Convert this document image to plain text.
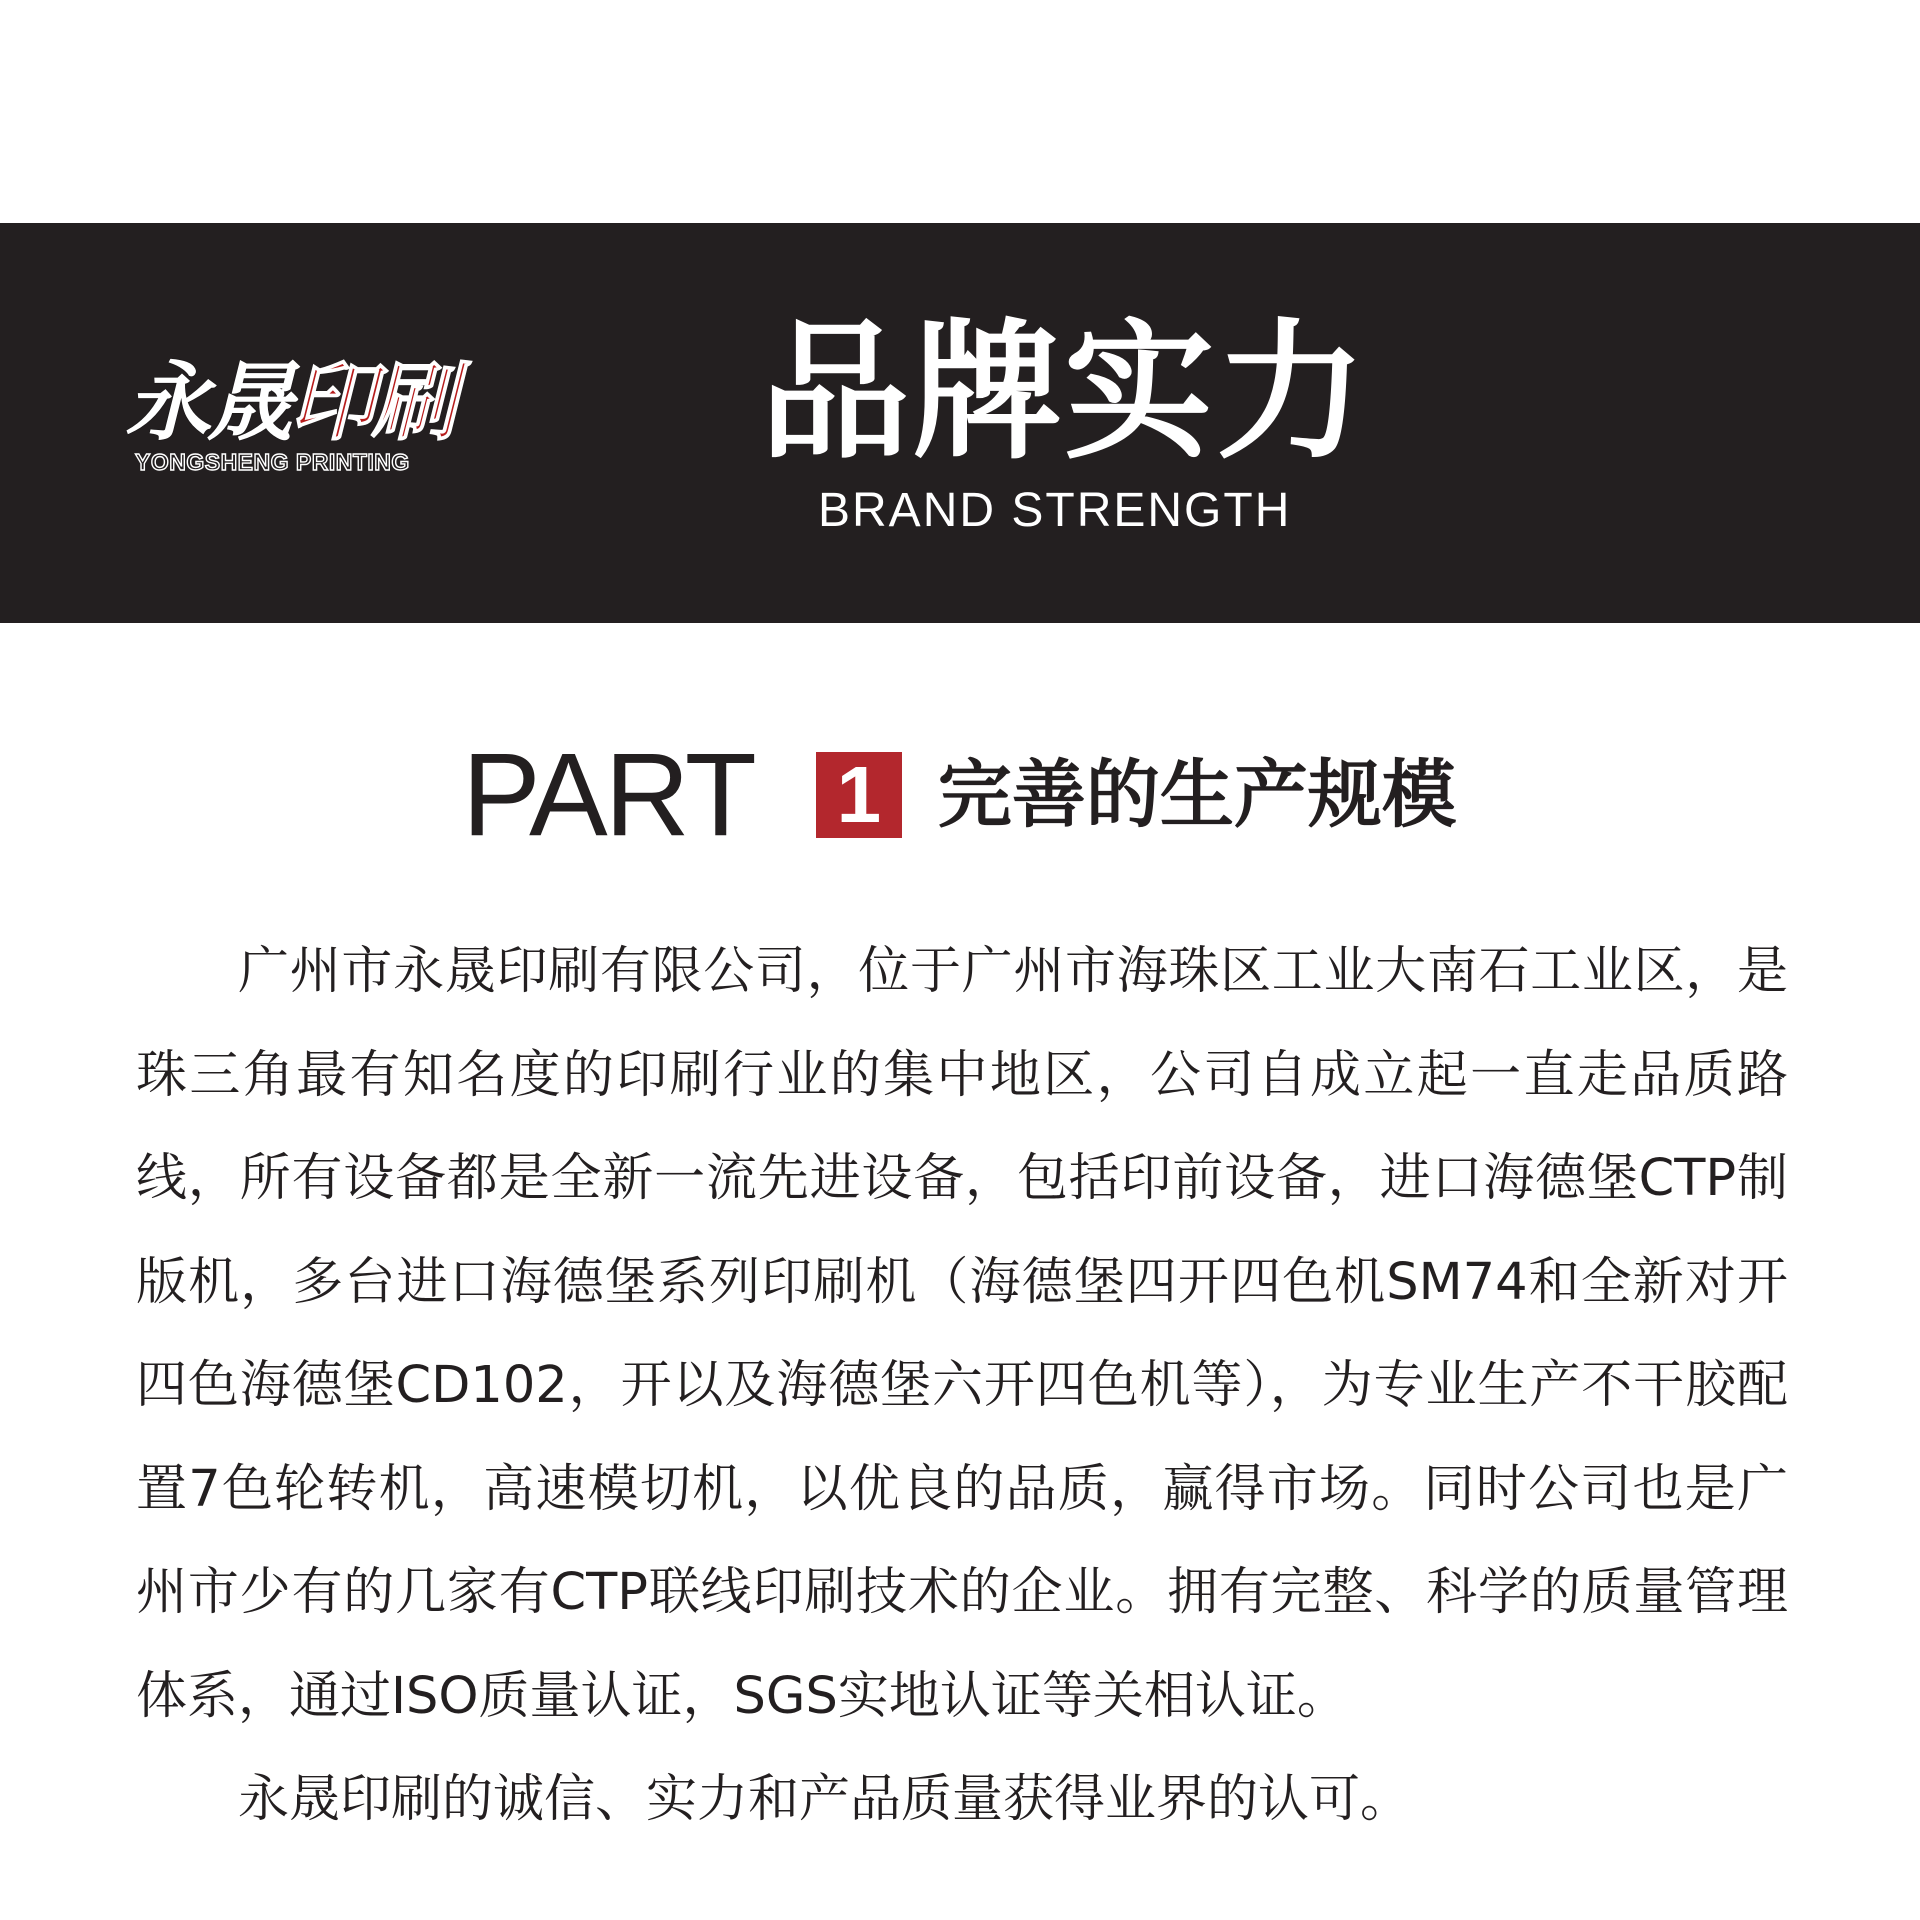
永晟印刷
YONGSHENG PRINTING 品牌实力
BRAND STRENGTH
PART 1 完善的生产规模

广州市永晟印刷有限公司，位于广州市海珠区工业大南石工业区，是珠三角最有知名度的印刷行业的集中地区，公司自成立起一直走品质路线，所有设备都是全新一流先进设备，包括印前设备，进口海德堡CTP制版机，多台进口海德堡系列印刷机（海德堡四开四色机SM74和全新对开四色海德堡CD102，开以及海德堡六开四色机等），为专业生产不干胶配置7色轮转机，高速模切机，以优良的品质，赢得市场。同时公司也是广州市少有的几家有CTP联线印刷技术的企业。拥有完整、科学的质量管理体系，通过ISO质量认证，SGS实地认证等关相认证。

永晟印刷的诚信、实力和产品质量获得业界的认可。
